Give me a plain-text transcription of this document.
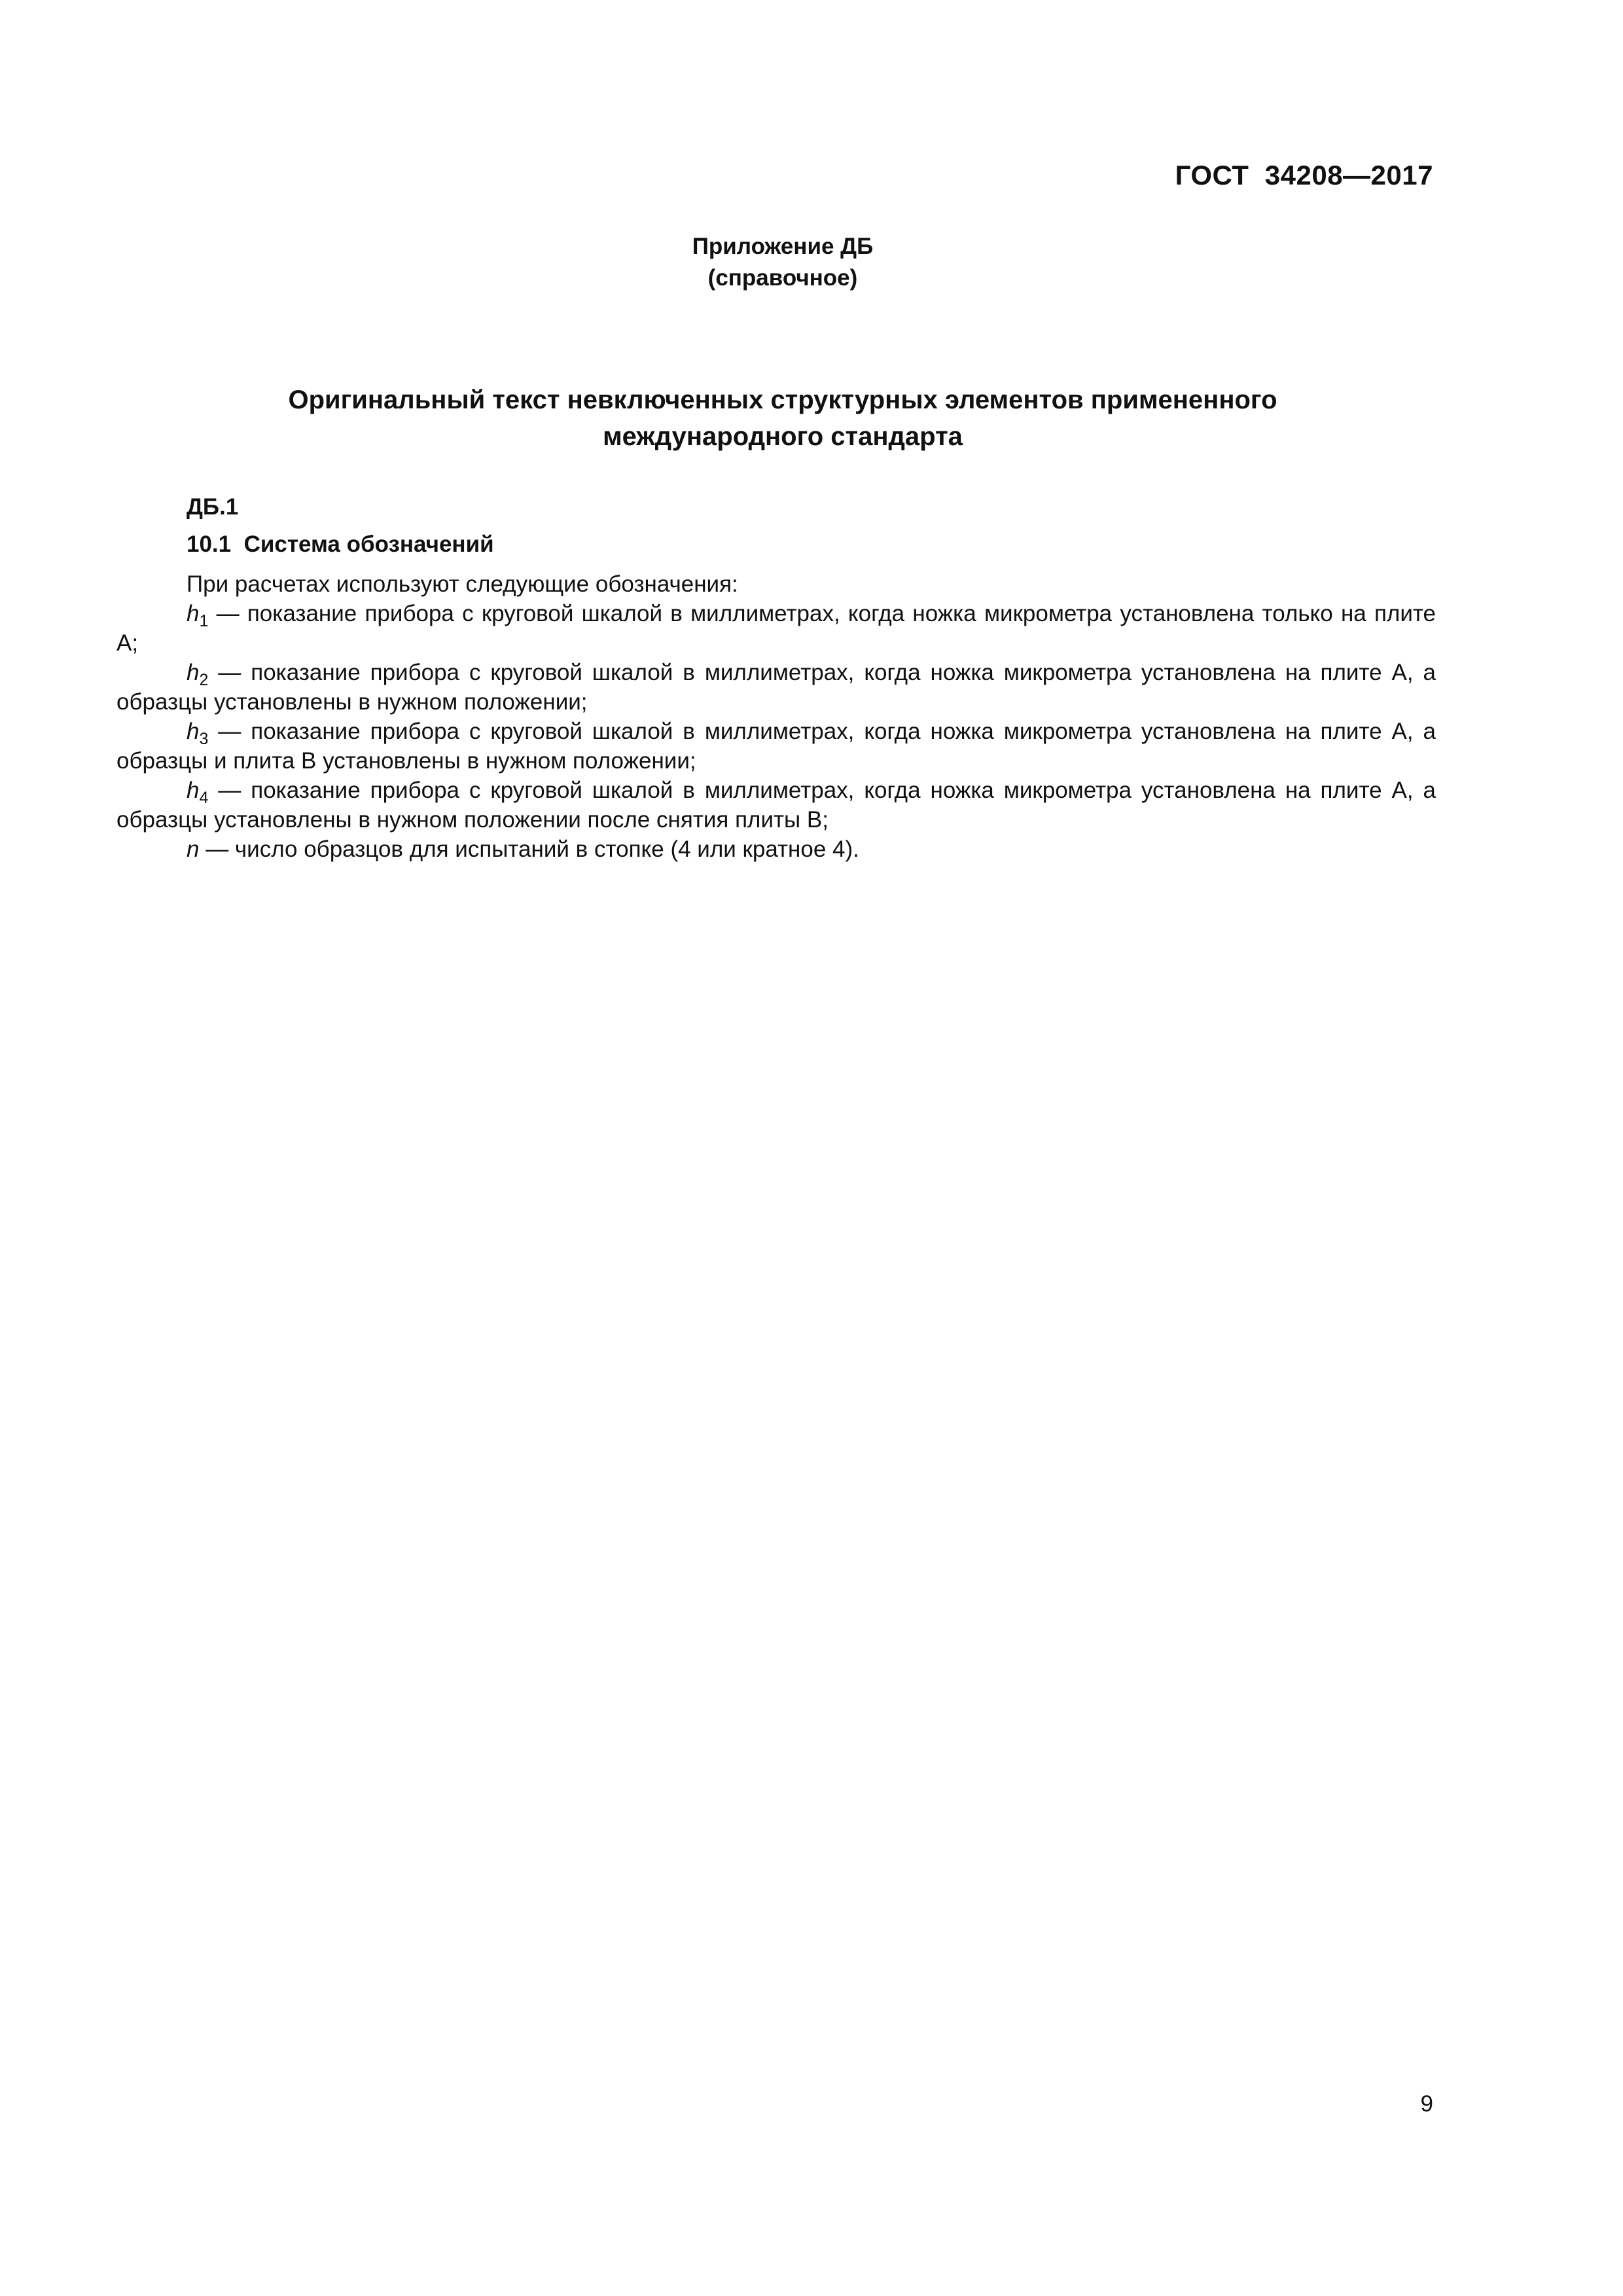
ГОСТ  34208—2017
Приложение ДБ
(справочное)
Оригинальный текст невключенных структурных элементов примененного
международного стандарта
ДБ.1
10.1  Система обозначений

При расчетах используют следующие обозначения:

$h_1$ — показание прибора с круговой шкалой в миллиметрах, когда ножка микрометра установлена только на плите A;

$h_2$ — показание прибора с круговой шкалой в миллиметрах, когда ножка микрометра установлена на плите A, а образцы установлены в нужном положении;

$h_3$ — показание прибора с круговой шкалой в миллиметрах, когда ножка микрометра установлена на плите A, а образцы и плита B установлены в нужном положении;

$h_4$ — показание прибора с круговой шкалой в миллиметрах, когда ножка микрометра установлена на плите A, а образцы установлены в нужном положении после снятия плиты B;

n — число образцов для испытаний в стопке (4 или кратное 4).

9
